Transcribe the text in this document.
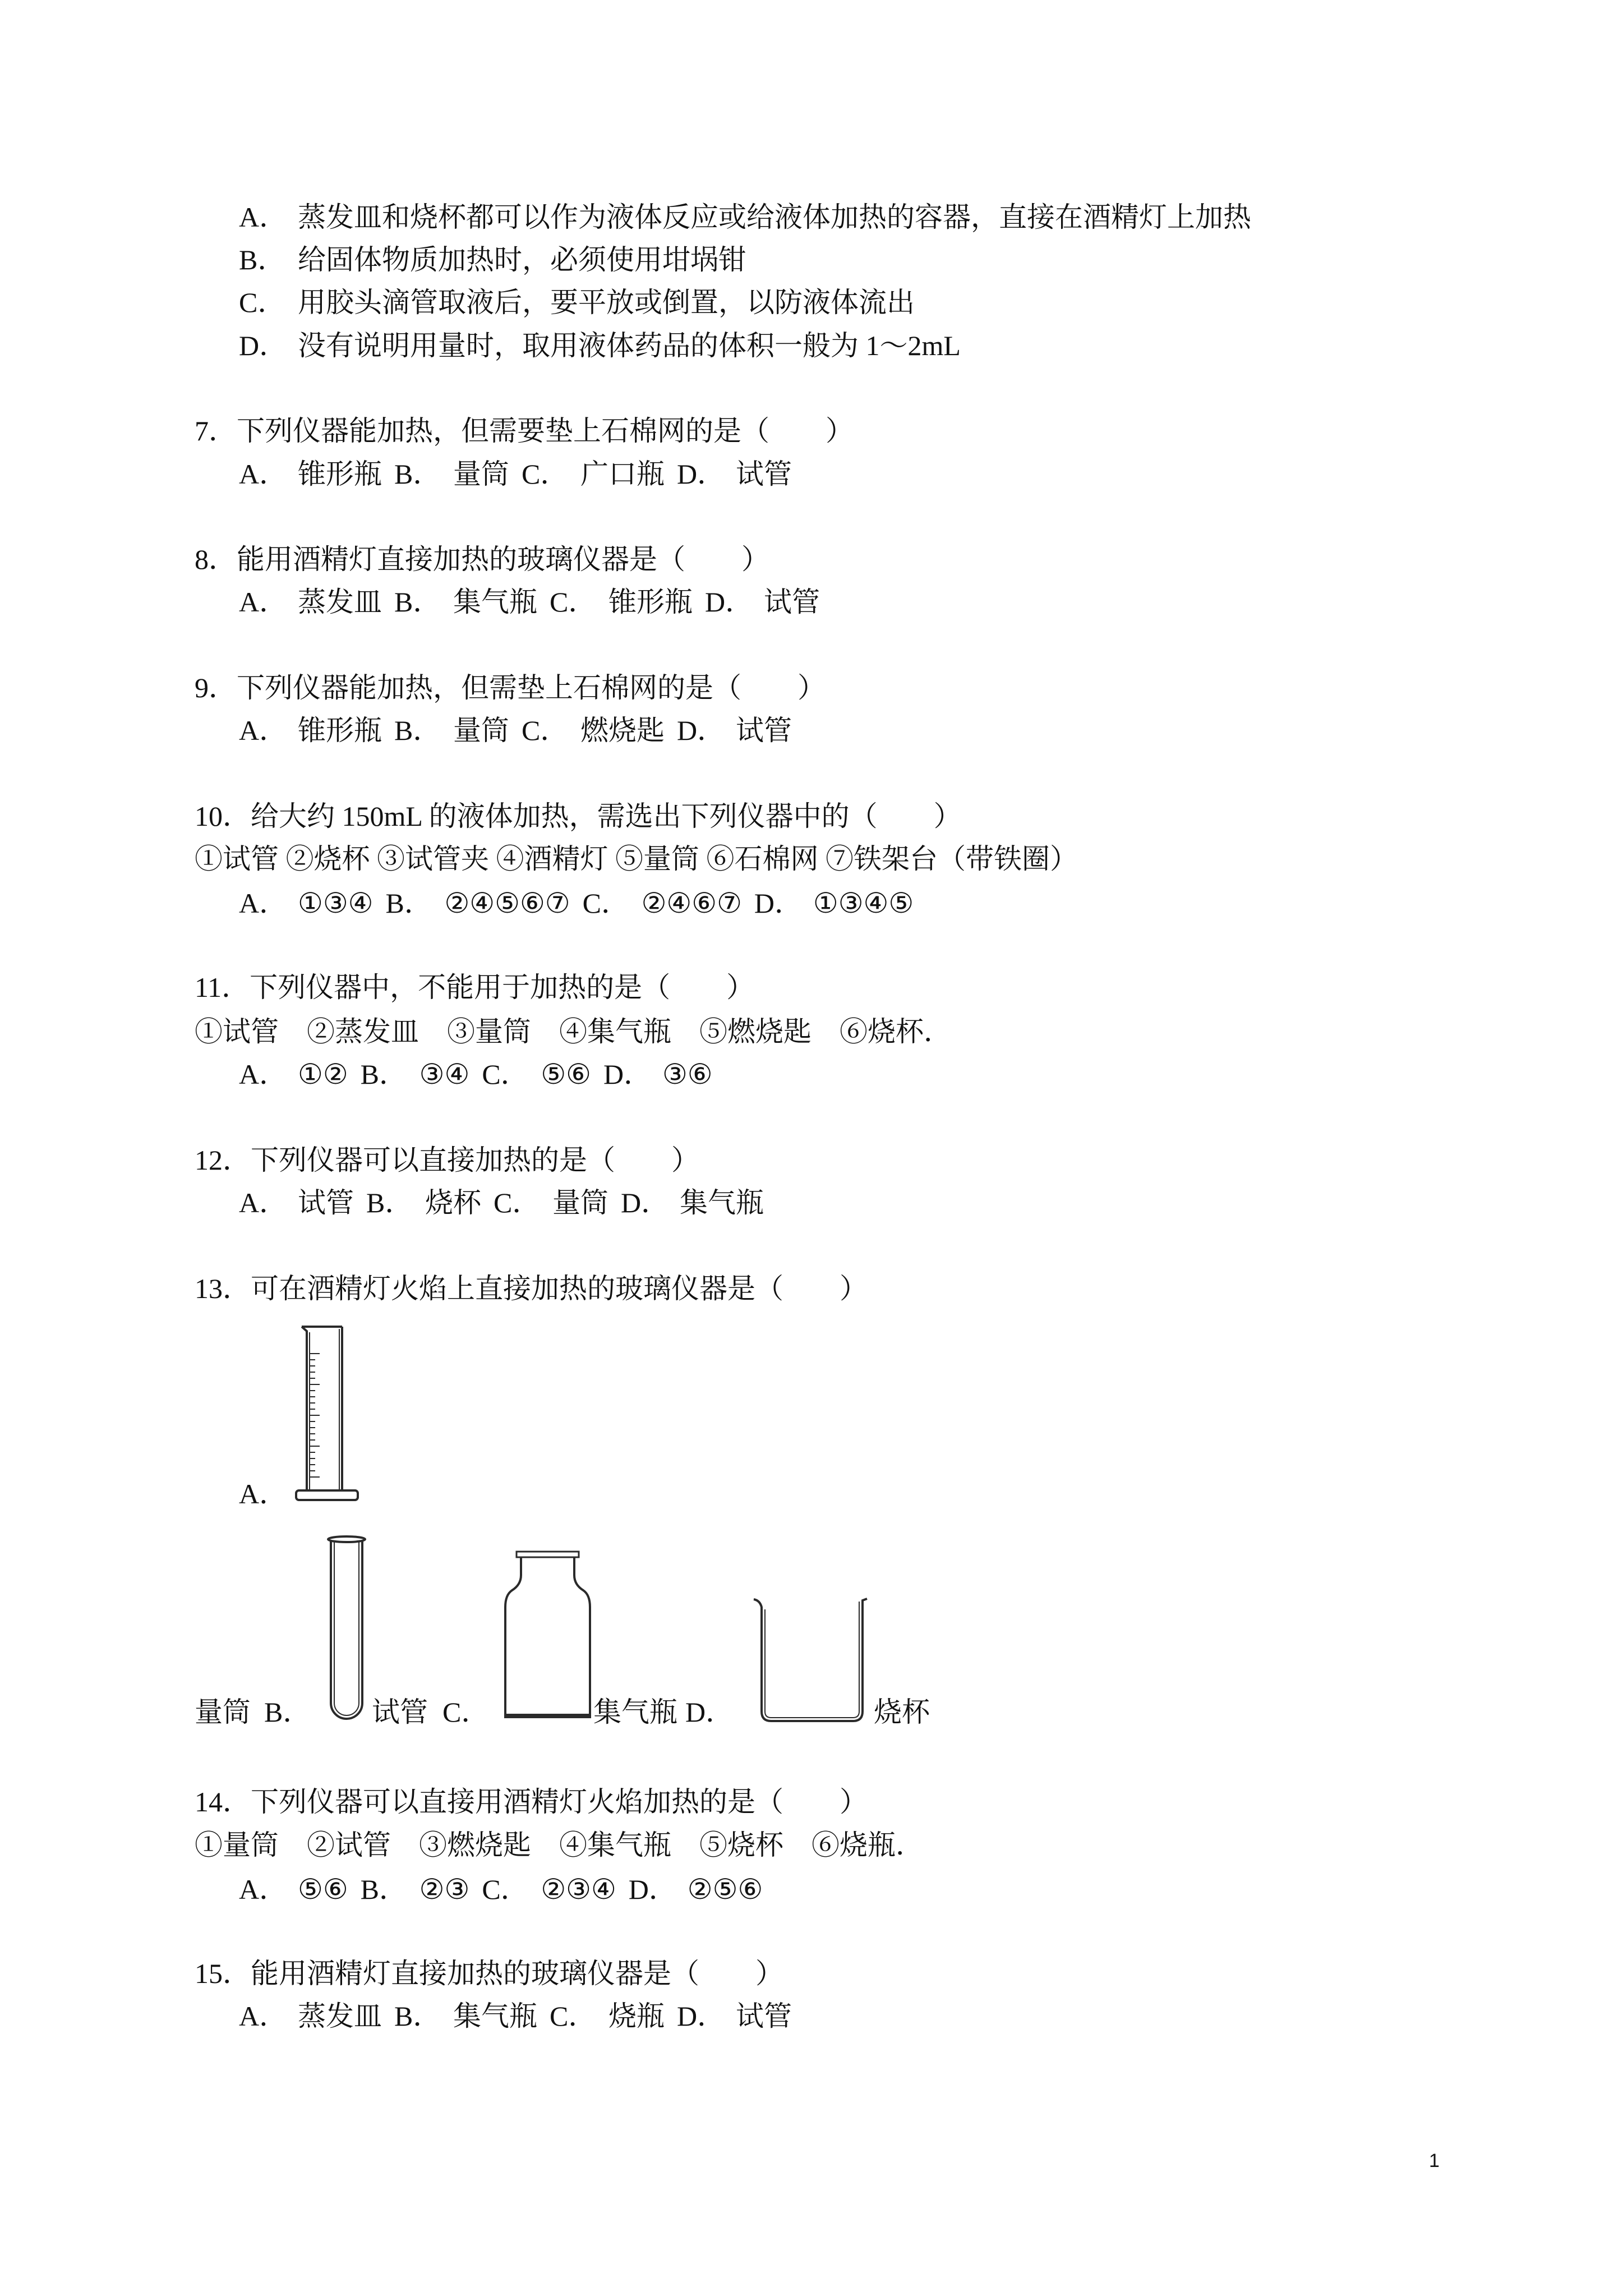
A． 蒸发皿和烧杯都可以作为液体反应或给液体加热的容器，直接在酒精灯上加热
B． 给固体物质加热时，必须使用坩埚钳
C． 用胶头滴管取液后，要平放或倒置，以防液体流出
D． 没有说明用量时，取用液体药品的体积一般为 1～2mL
7．下列仪器能加热，但需要垫上石棉网的是（　　）
A． 锥形瓶 B． 量筒 C． 广口瓶 D． 试管
8．能用酒精灯直接加热的玻璃仪器是（　　）
A． 蒸发皿 B． 集气瓶 C． 锥形瓶 D． 试管
9．下列仪器能加热，但需垫上石棉网的是（　　）
A． 锥形瓶 B． 量筒 C． 燃烧匙 D． 试管
10．给大约 150mL 的液体加热，需选出下列仪器中的（　　）
①试管 ②烧杯 ③试管夹 ④酒精灯 ⑤量筒 ⑥石棉网 ⑦铁架台（带铁圈）
A． ①③④ B． ②④⑤⑥⑦ C． ②④⑥⑦ D． ①③④⑤
11．下列仪器中，不能用于加热的是（　　）
①试管　②蒸发皿　③量筒　④集气瓶　⑤燃烧匙　⑥烧杯．
A． ①② B． ③④ C． ⑤⑥ D． ③⑥
12．下列仪器可以直接加热的是（　　）
A． 试管 B． 烧杯 C． 量筒 D． 集气瓶
13．可在酒精灯火焰上直接加热的玻璃仪器是（　　）
A．
量筒 B． 试管 C．	集气瓶 D．	烧杯
14．下列仪器可以直接用酒精灯火焰加热的是（　　）
①量筒　②试管　③燃烧匙　④集气瓶　⑤烧杯　⑥烧瓶．
A． ⑤⑥ B． ②③ C． ②③④ D． ②⑤⑥
15．能用酒精灯直接加热的玻璃仪器是（　　）
A． 蒸发皿 B． 集气瓶 C． 烧瓶 D． 试管
1
